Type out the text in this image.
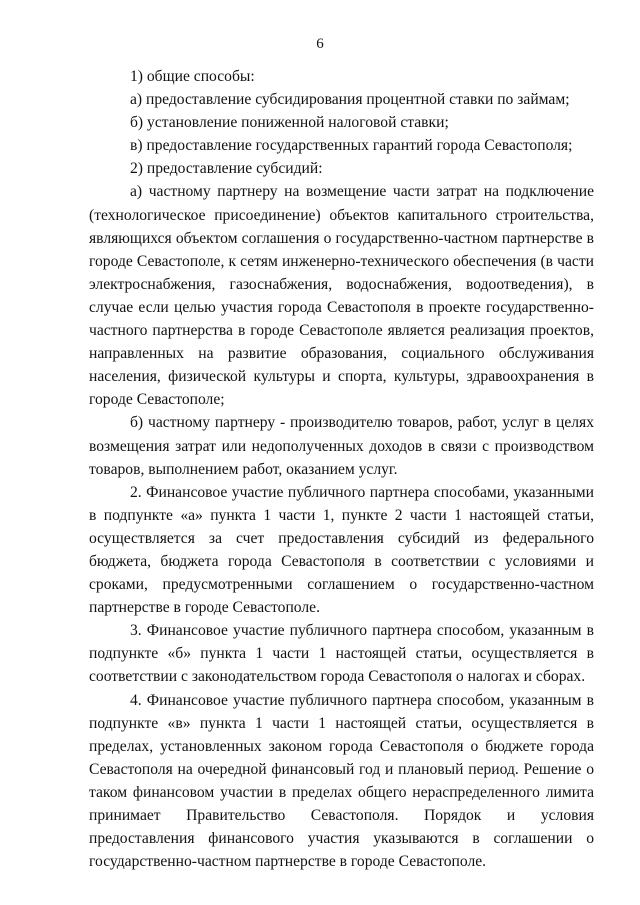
6

1) общие способы:

а) предоставление субсидирования процентной ставки по займам;

б) установление пониженной налоговой ставки;

в) предоставление государственных гарантий города Севастополя;

2) предоставление субсидий:

а) частному партнеру на возмещение части затрат на подключение (технологическое присоединение) объектов капитального строительства, являющихся объектом соглашения о государственно-частном партнерстве в городе Севастополе, к сетям инженерно-технического обеспечения (в части электроснабжения, газоснабжения, водоснабжения, водоотведения), в случае если целью участия города Севастополя в проекте государственно-частного партнерства в городе Севастополе является реализация проектов, направленных на развитие образования, социального обслуживания населения, физической культуры и спорта, культуры, здравоохранения в городе Севастополе;

б) частному партнеру - производителю товаров, работ, услуг в целях возмещения затрат или недополученных доходов в связи с производством товаров, выполнением работ, оказанием услуг.

2. Финансовое участие публичного партнера способами, указанными в подпункте «а» пункта 1 части 1, пункте 2 части 1 настоящей статьи, осуществляется за счет предоставления субсидий из федерального бюджета, бюджета города Севастополя в соответствии с условиями и сроками, предусмотренными соглашением о государственно-частном партнерстве в городе Севастополе.

3. Финансовое участие публичного партнера способом, указанным в подпункте «б» пункта 1 части 1 настоящей статьи, осуществляется в соответствии с законодательством города Севастополя о налогах и сборах.

4. Финансовое участие публичного партнера способом, указанным в подпункте «в» пункта 1 части 1 настоящей статьи, осуществляется в пределах, установленных законом города Севастополя о бюджете города Севастополя на очередной финансовый год и плановый период. Решение о таком финансовом участии в пределах общего нераспределенного лимита принимает Правительство Севастополя. Порядок и условия предоставления финансового участия указываются в соглашении о государственно-частном партнерстве в городе Севастополе.
